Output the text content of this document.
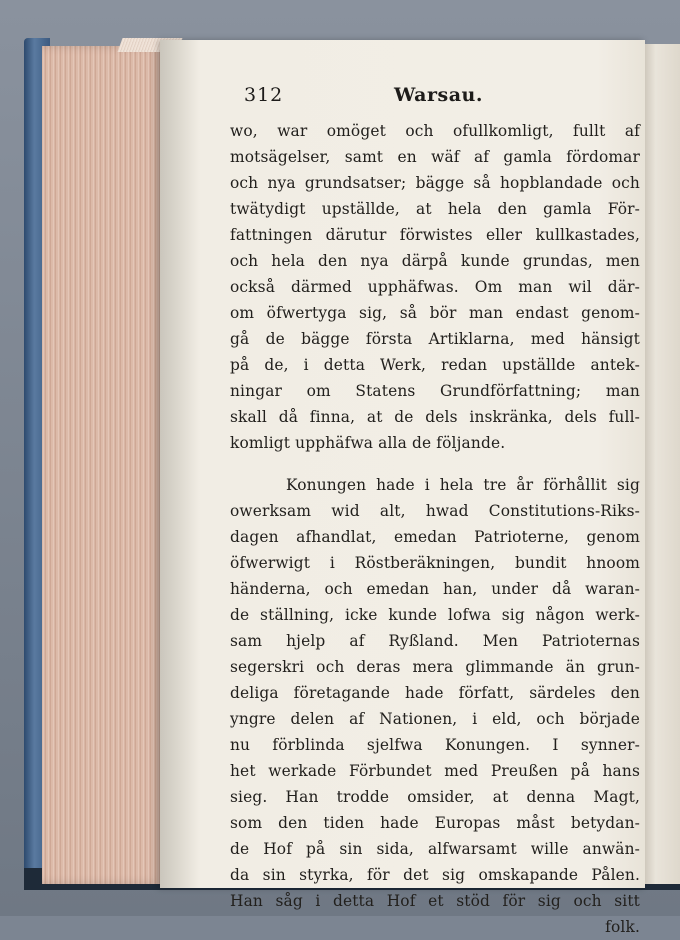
312	Warsau.
wo, war omöget och ofullkomligt, fullt af
motsägelser, samt en wäf af gamla fördomar
och nya grundsatser; bägge så hopblandade och
twätydigt upställde, at hela den gamla För-
fattningen därutur förwistes eller kullkastades,
och hela den nya därpå kunde grundas, men
också därmed upphäfwas. Om man wil där-
om öfwertyga sig, så bör man endast genom-
gå de bägge första Artiklarna, med hänsigt
på de, i detta Werk, redan upställde antek-
ningar om Statens Grundförfattning; man
skall då finna, at de dels inskränka, dels full-
komligt upphäfwa alla de följande.
Konungen hade i hela tre år förhållit sig
owerksam wid alt, hwad Constitutions-Riks-
dagen afhandlat, emedan Patrioterne, genom
öfwerwigt i Röstberäkningen, bundit hnoom
händerna, och emedan han, under då waran-
de ställning, icke kunde lofwa sig någon werk-
sam hjelp af Ryßland. Men Patrioternas
segerskri och deras mera glimmande än grun-
deliga företagande hade författ, särdeles den
yngre delen af Nationen, i eld, och började
nu förblinda sjelfwa Konungen. I synner-
het werkade Förbundet med Preußen på hans
sieg. Han trodde omsider, at denna Magt,
som den tiden hade Europas måst betydan-
de Hof på sin sida, alfwarsamt wille anwän-
da sin styrka, för det sig omskapande Pålen.
Han såg i detta Hof et stöd för sig och sitt
folk.
